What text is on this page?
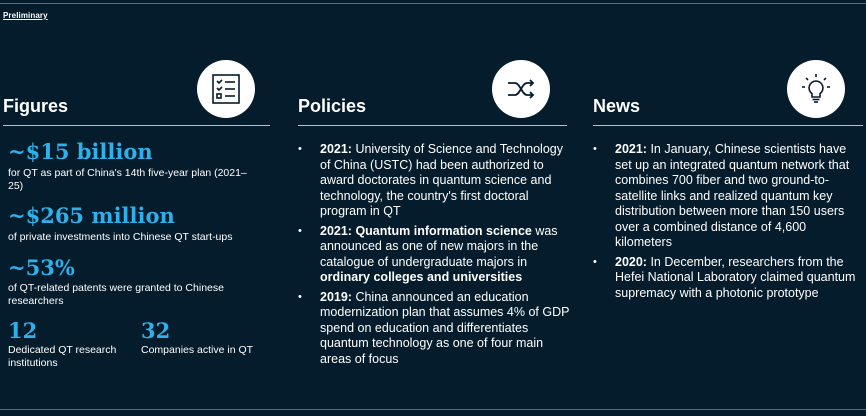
Preliminary
Figures	Policies	News
~$15 billion
for QT as part of China's 14th five-year plan (2021–25)
~$265 million
of private investments into Chinese QT start-ups
~53%
of QT-related patents were granted to Chinese researchers
12
Dedicated QT research institutions
32
Companies active in QT
• 2021: University of Science and Technology of China (USTC) had been authorized to award doctorates in quantum science and technology, the country's first doctoral program in QT
• 2021: Quantum information science was announced as one of new majors in the catalogue of undergraduate majors in ordinary colleges and universities
• 2019: China announced an education modernization plan that assumes 4% of GDP spend on education and differentiates quantum technology as one of four main areas of focus
• 2021: In January, Chinese scientists have set up an integrated quantum network that combines 700 fiber and two ground-to-satellite links and realized quantum key distribution between more than 150 users over a combined distance of 4,600 kilometers
• 2020: In December, researchers from the Hefei National Laboratory claimed quantum supremacy with a photonic prototype
